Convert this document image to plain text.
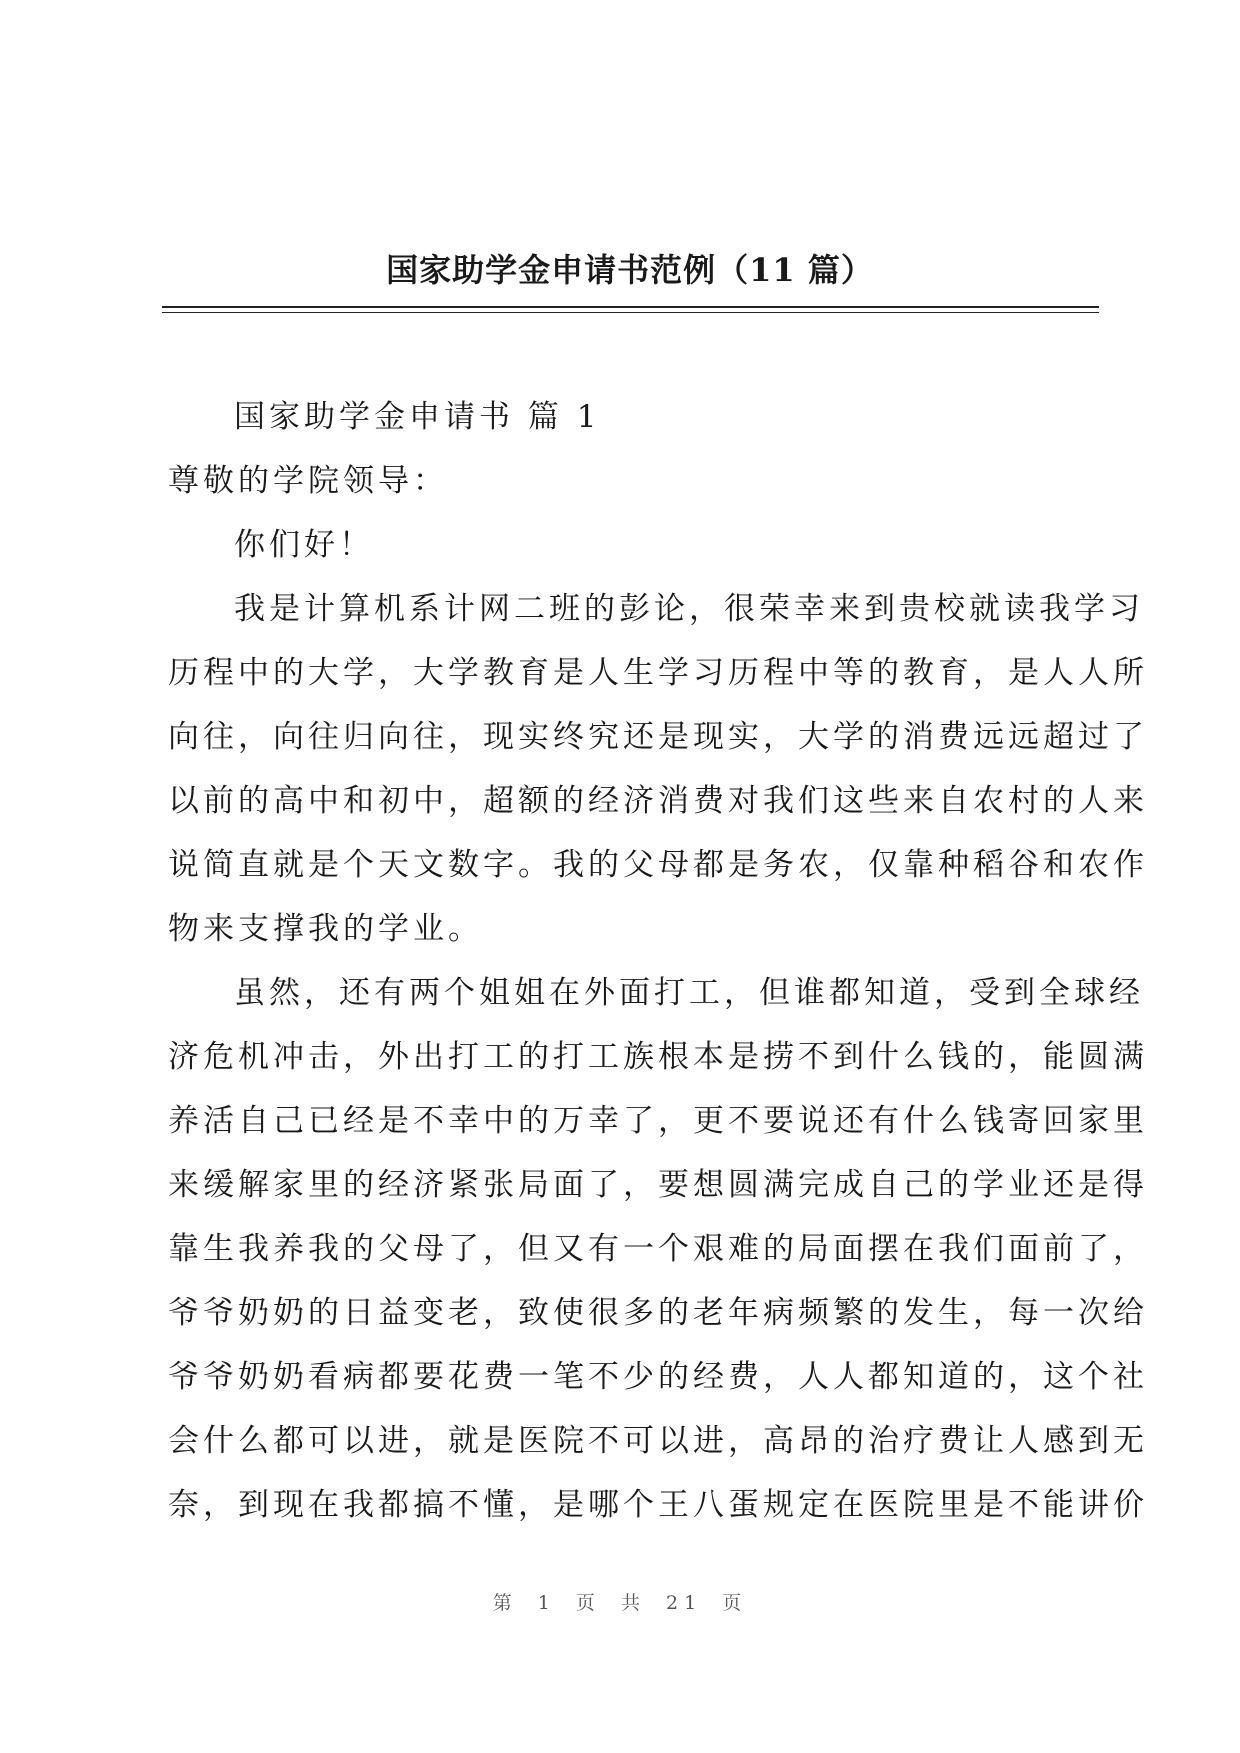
国家助学金申请书范例（11 篇）
国家助学金申请书 篇 1
尊敬的学院领导：
你们好！
我是计算机系计网二班的彭论，很荣幸来到贵校就读我学习
历程中的大学，大学教育是人生学习历程中等的教育，是人人所
向往，向往归向往，现实终究还是现实，大学的消费远远超过了
以前的高中和初中，超额的经济消费对我们这些来自农村的人来
说简直就是个天文数字。我的父母都是务农，仅靠种稻谷和农作
物来支撑我的学业。
虽然，还有两个姐姐在外面打工，但谁都知道，受到全球经
济危机冲击，外出打工的打工族根本是捞不到什么钱的，能圆满
养活自己已经是不幸中的万幸了，更不要说还有什么钱寄回家里
来缓解家里的经济紧张局面了，要想圆满完成自己的学业还是得
靠生我养我的父母了，但又有一个艰难的局面摆在我们面前了，
爷爷奶奶的日益变老，致使很多的老年病频繁的发生，每一次给
爷爷奶奶看病都要花费一笔不少的经费，人人都知道的，这个社
会什么都可以进，就是医院不可以进，高昂的治疗费让人感到无
奈，到现在我都搞不懂，是哪个王八蛋规定在医院里是不能讲价
第 1 页 共 21 页
